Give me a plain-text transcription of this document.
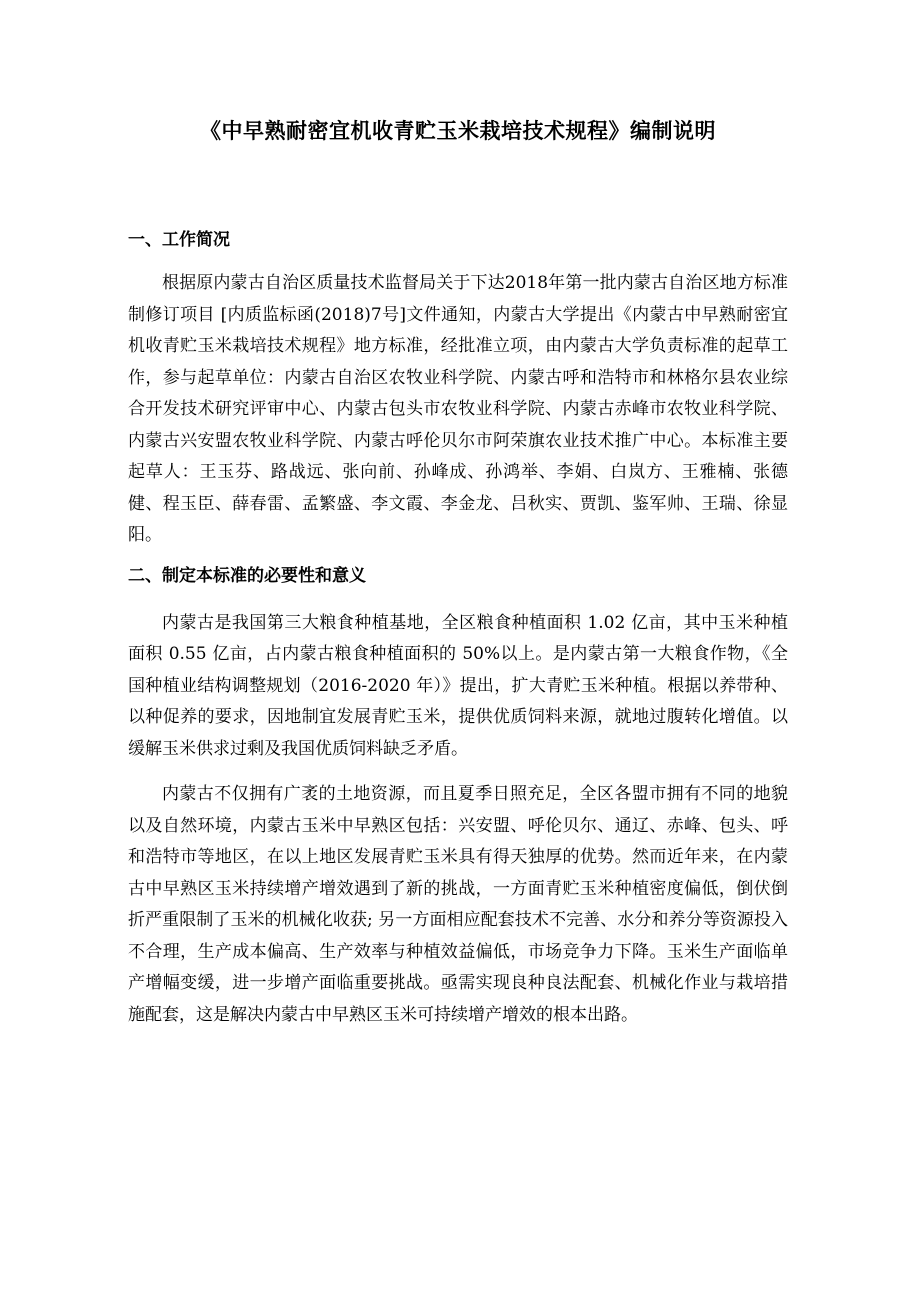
《中早熟耐密宜机收青贮玉米栽培技术规程》编制说明
一、工作简况

根据原内蒙古自治区质量技术监督局关于下达2018年第一批内蒙古自治区地方标准制修订项目 [内质监标函(2018)7号]文件通知，内蒙古大学提出《内蒙古中早熟耐密宜机收青贮玉米栽培技术规程》地方标准，经批准立项，由内蒙古大学负责标准的起草工作，参与起草单位：内蒙古自治区农牧业科学院、内蒙古呼和浩特市和林格尔县农业综合开发技术研究评审中心、内蒙古包头市农牧业科学院、内蒙古赤峰市农牧业科学院、内蒙古兴安盟农牧业科学院、内蒙古呼伦贝尔市阿荣旗农业技术推广中心。本标准主要起草人：王玉芬、路战远、张向前、孙峰成、孙鸿举、李娟、白岚方、王雅楠、张德健、程玉臣、薛春雷、孟繁盛、李文霞、李金龙、吕秋实、贾凯、鉴军帅、王瑞、徐显阳。

二、制定本标准的必要性和意义

内蒙古是我国第三大粮食种植基地，全区粮食种植面积 1.02 亿亩，其中玉米种植面积 0.55 亿亩，占内蒙古粮食种植面积的 50%以上。是内蒙古第一大粮食作物，《全国种植业结构调整规划（2016-2020 年）》提出，扩大青贮玉米种植。根据以养带种、以种促养的要求，因地制宜发展青贮玉米，提供优质饲料来源，就地过腹转化增值。以缓解玉米供求过剩及我国优质饲料缺乏矛盾。

内蒙古不仅拥有广袤的土地资源，而且夏季日照充足，全区各盟市拥有不同的地貌以及自然环境，内蒙古玉米中早熟区包括：兴安盟、呼伦贝尔、通辽、赤峰、包头、呼和浩特市等地区，在以上地区发展青贮玉米具有得天独厚的优势。然而近年来，在内蒙古中早熟区玉米持续增产增效遇到了新的挑战，一方面青贮玉米种植密度偏低，倒伏倒折严重限制了玉米的机械化收获; 另一方面相应配套技术不完善、水分和养分等资源投入不合理，生产成本偏高、生产效率与种植效益偏低，市场竞争力下降。玉米生产面临单产增幅变缓，进一步增产面临重要挑战。亟需实现良种良法配套、机械化作业与栽培措施配套，这是解决内蒙古中早熟区玉米可持续增产增效的根本出路。
